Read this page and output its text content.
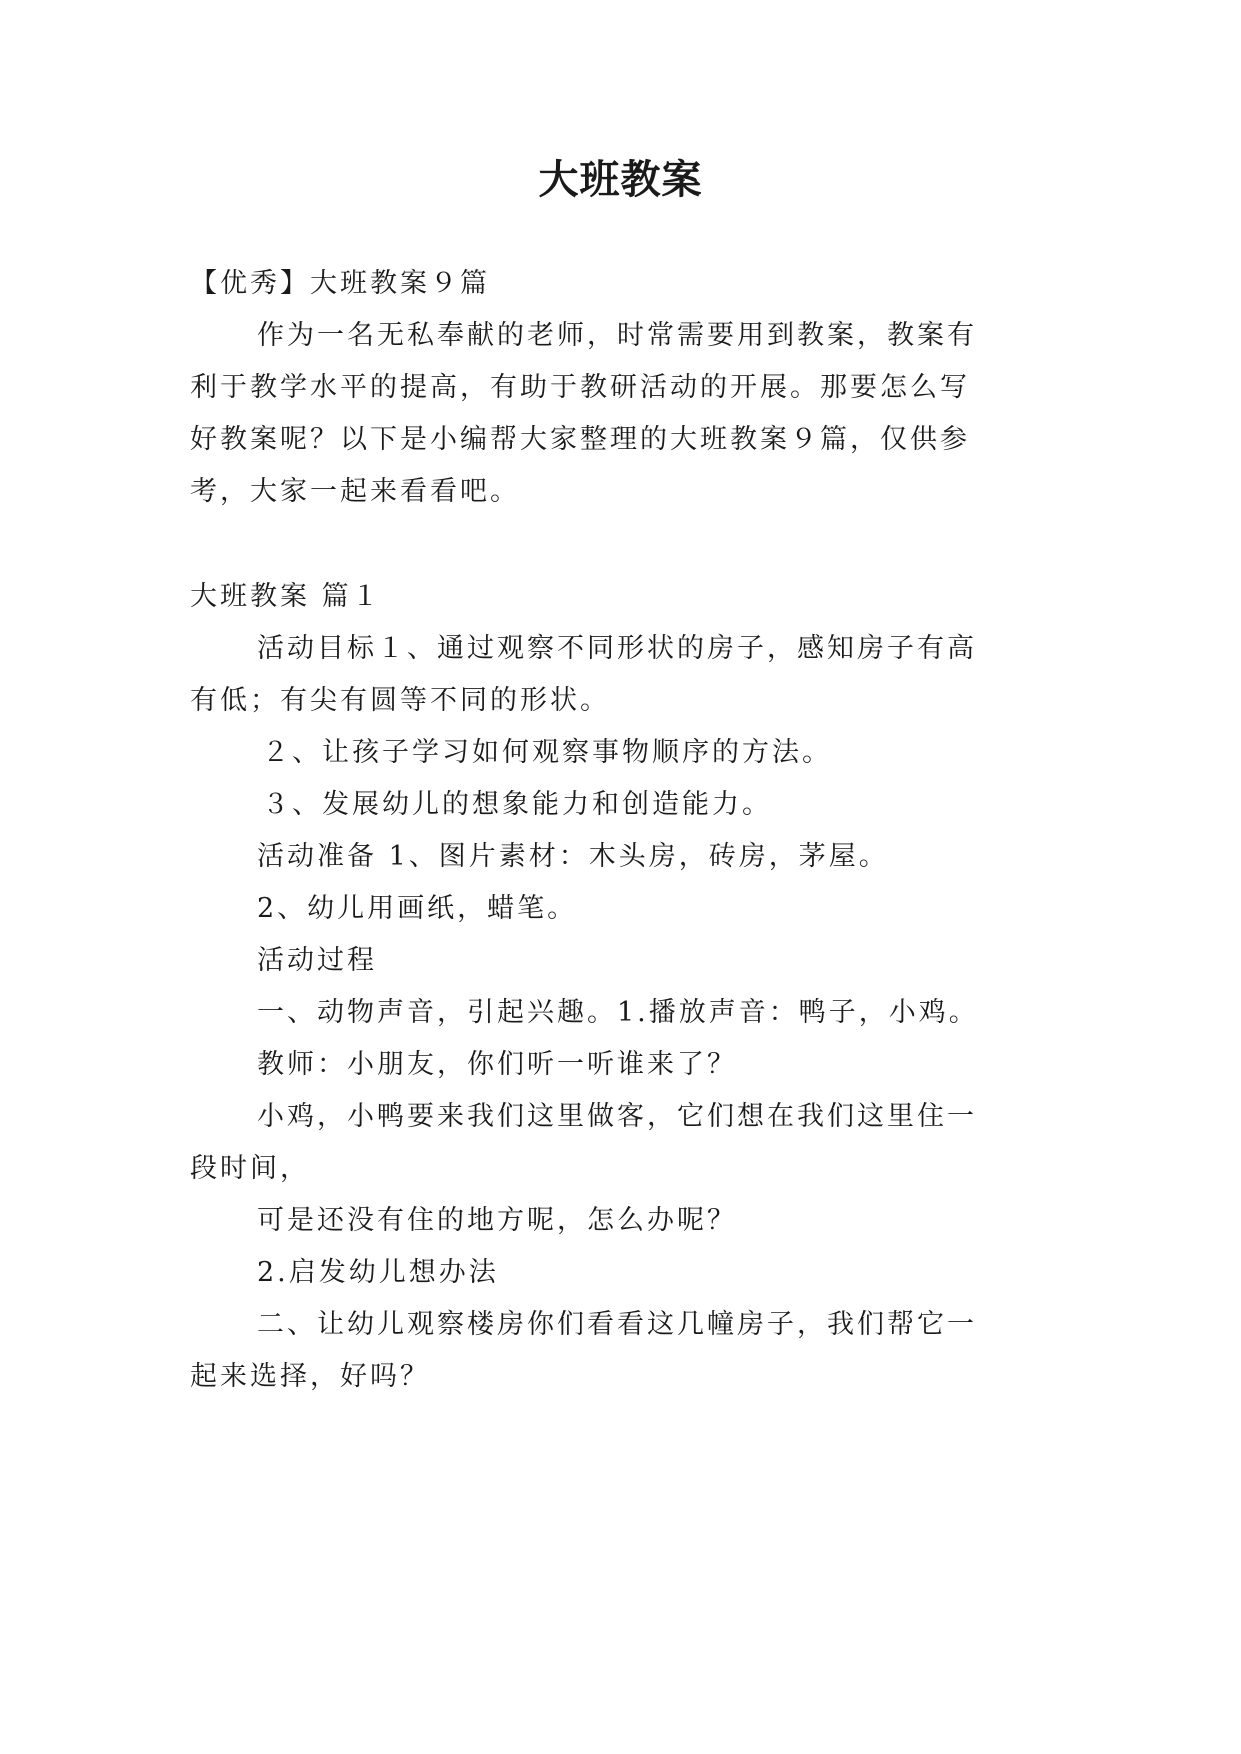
大班教案
【优秀】大班教案９篇
作为一名无私奉献的老师，时常需要用到教案，教案有
利于教学水平的提高，有助于教研活动的开展。那要怎么写
好教案呢？以下是小编帮大家整理的大班教案９篇，仅供参
考，大家一起来看看吧。
大班教案 篇１
活动目标１、通过观察不同形状的房子，感知房子有高
有低；有尖有圆等不同的形状。
２、让孩子学习如何观察事物顺序的方法。
３、发展幼儿的想象能力和创造能力。
活动准备 1、图片素材：木头房，砖房，茅屋。
2、幼儿用画纸，蜡笔。
活动过程
一、动物声音，引起兴趣。1.播放声音：鸭子，小鸡。
教师：小朋友，你们听一听谁来了？
小鸡，小鸭要来我们这里做客，它们想在我们这里住一
段时间，
可是还没有住的地方呢，怎么办呢？
2.启发幼儿想办法
二、让幼儿观察楼房你们看看这几幢房子，我们帮它一
起来选择，好吗？
